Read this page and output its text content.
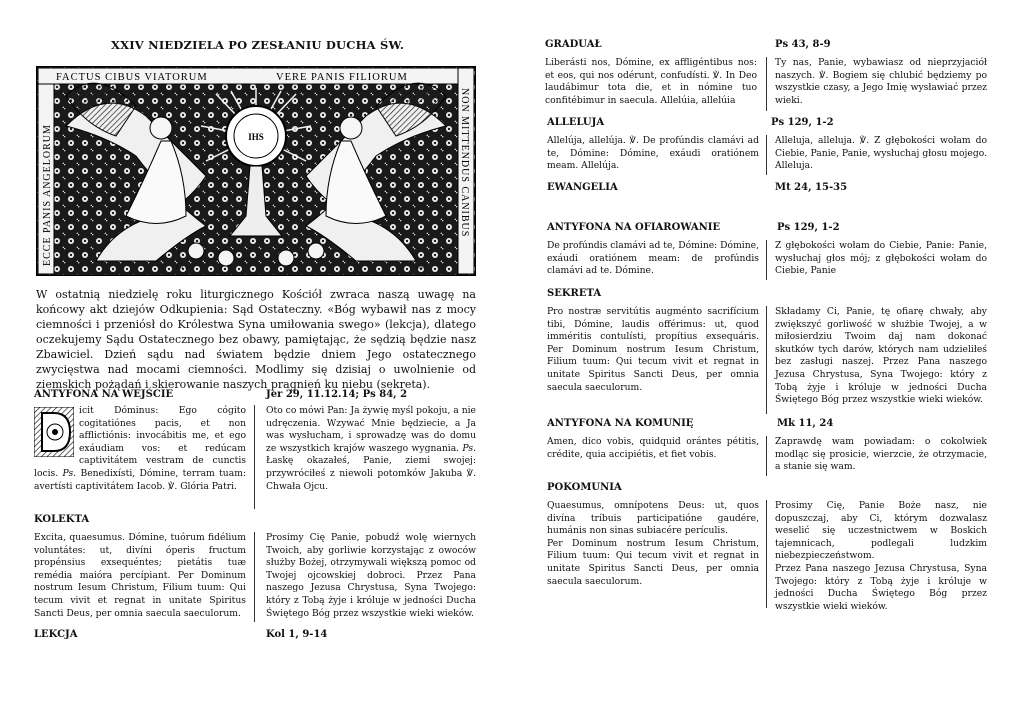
XXIV NIEDZIELA PO ZESŁANIU DUCHA ŚW.
FACTUS CIBUS VIATORUM	VERE PANIS FILIORUM
ECCE PANIS ANGELORUM	NON MITTENDUS CANIBUS
IHS
F H S	1887

W ostatnią niedzielę roku liturgicznego Kościół zwraca naszą uwagę na końcowy akt dziejów Odkupienia: Sąd Ostateczny. «Bóg wybawił nas z mocy ciemności i przeniósł do Królestwa Syna umiłowania swego» (lekcja), dlatego oczekujemy Sądu Ostatecznego bez obawy, pamiętając, że sędzią będzie nasz Zbawiciel. Dzień sądu nad światem będzie dniem Jego ostatecznego zwycięstwa nad mocami ciemności. Modlimy się dzisiaj o uwolnienie od ziemskich pożądań i skierowanie naszych pragnień ku niebu (sekreta).

ANTYFONA NA WEJŚCIE	Jer 29, 11.12.14; Ps 84, 2
icit Dóminus: Ego cógito cogitatiónes pacis, et non afflictiónis: invocábitis me, et ego exáudiam vos: et redúcam captivitátem vestram de cunctis locis. Ps. Benedixísti, Dómine, terram tuam: avertísti captivitátem Iacob. ℣. Glória Patri.
Oto co mówi Pan: Ja żywię myśl pokoju, a nie udręczenia. Wzywać Mnie będziecie, a Ja was wysłucham, i sprowadzę was do domu ze wszystkich krajów waszego wygnania. Ps. Łaskę okazałeś, Panie, ziemi swojej: przywróciłeś z niewoli potomków Jakuba ℣. Chwała Ojcu.
KOLEKTA

Excita, quaesumus. Dómine, tuórum fidélium voluntátes: ut, divíni óperis fructum propénsius exsequéntes; pietátis tuæ remédia maióra percípiant. Per Dominum nostrum Iesum Christum, Filium tuum: Qui tecum vivit et regnat in unitate Spiritus Sancti Deus, per omnia saecula saeculorum.

Prosimy Cię Panie, pobudź wolę wiernych Twoich, aby gorliwie korzystając z owoców służby Bożej, otrzymywali większą pomoc od Twojej ojcowskiej dobroci. Przez Pana naszego Jezusa Chrystusa, Syna Twojego: który z Tobą żyje i króluje w jedności Ducha Świętego Bóg przez wszystkie wieki wieków.

LEKCJA	Kol 1, 9-14
GRADUAŁ	Ps 43, 8-9

Liberásti nos, Dómine, ex affligéntibus nos: et eos, qui nos odérunt, confudísti. ℣. In Deo laudábimur tota die, et in nómine tuo confitébimur in saecula. Allelúia, allelúia

Ty nas, Panie, wybawiasz od nieprzyjaciół naszych. ℣. Bogiem się chlubić będziemy po wszystkie czasy, a Jego Imię wysławiać przez wieki.

ALLELUJA	Ps 129, 1-2

Allelúja, allelúja. ℣. De profúndis clamávi ad te, Dómine: Dómine, exáudi oratiónem meam. Allelúja.

Alleluja, alleluja. ℣. Z głębokości wołam do Ciebie, Panie, Panie, wysłuchaj głosu mojego. Alleluja.

EWANGELIA	Mt 24, 15-35
ANTYFONA NA OFIAROWANIE	Ps 129, 1-2

De profúndis clamávi ad te, Dómine: Dómine, exáudi oratiónem meam: de profúndis clamávi ad te. Dómine.

Z głębokości wołam do Ciebie, Panie: Panie, wysłuchaj głos mój; z głębokości wołam do Ciebie, Panie

SEKRETA

Pro nostræ servitútis augménto sacrifícium tibi, Dómine, laudis offérimus: ut, quod imméritis contulísti, propítius exsequáris. Per Dominum nostrum Iesum Christum, Filium tuum: Qui tecum vivit et regnat in unitate Spiritus Sancti Deus, per omnia saecula saeculorum.

Składamy Ci, Panie, tę ofiarę chwały, aby zwiększyć gorliwość w służbie Twojej, a w miłosierdziu Twoim daj nam dokonać skutków tych darów, których nam udzieliłeś bez zasługi naszej. Przez Pana naszego Jezusa Chrystusa, Syna Twojego: który z Tobą żyje i króluje w jedności Ducha Świętego Bóg przez wszystkie wieki wieków.

ANTYFONA NA KOMUNIĘ	Mk 11, 24

Amen, dico vobis, quidquid orántes pétitis, crédite, quia accipiétis, et fiet vobis.

Zaprawdę wam powiadam: o cokolwiek modląc się prosicie, wierzcie, że otrzymacie, a stanie się wam.

POKOMUNIA

Quaesumus, omnípotens Deus: ut, quos divína tríbuis participatióne gaudére, humánis non sinas subiacére perículis.
Per Dominum nostrum Iesum Christum, Filium tuum: Qui tecum vivit et regnat in unitate Spiritus Sancti Deus, per omnia saecula saeculorum.

Prosimy Cię, Panie Boże nasz, nie dopuszczaj, aby Ci, którym dozwalasz weselić się uczestnictwem w Boskich tajemnicach, podlegali ludzkim niebezpieczeństwom.
Przez Pana naszego Jezusa Chrystusa, Syna Twojego: który z Tobą żyje i króluje w jedności Ducha Świętego Bóg przez wszystkie wieki wieków.
